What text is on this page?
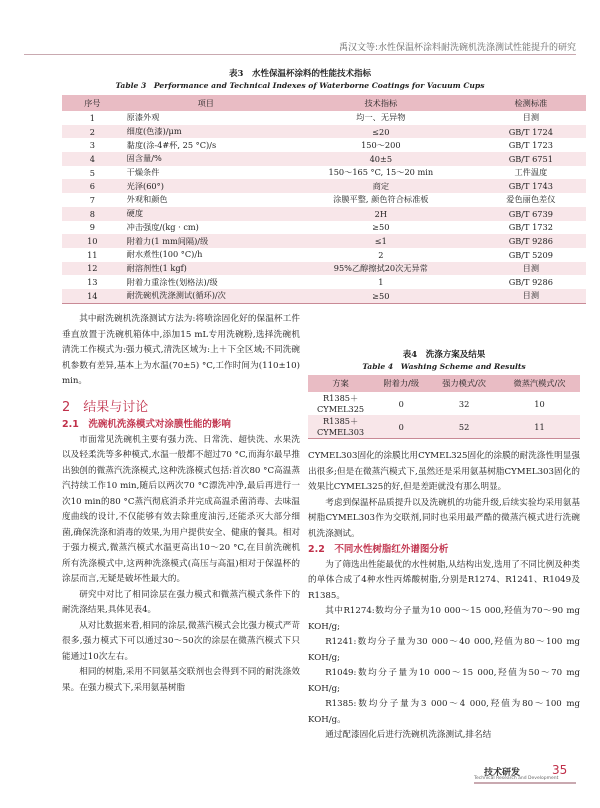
禹汉文等:水性保温杯涂料耐洗碗机洗涤测试性能提升的研究
表3　水性保温杯涂料的性能技术指标
Table 3　Performance and Technical Indexes of Waterborne Coatings for Vacuum Cups
序号	项目	技术指标	检测标准
1	原漆外观	均一、无异物	目测
2	细度(色漆)/μm	≤20	GB/T 1724
3	黏度(涂-4#杯, 25 °C)/s	150～200	GB/T 1723
4	固含量/%	40±5	GB/T 6751
5	干燥条件	150～165 °C, 15～20 min	工件温度
6	光泽(60°)	商定	GB/T 1743
7	外观和颜色	涂膜平整, 颜色符合标准板	爱色丽色差仪
8	硬度	2H	GB/T 6739
9	冲击强度/(kg · cm)	≥50	GB/T 1732
10	附着力(1 mm间隔)/级	≤1	GB/T 9286
11	耐水煮性(100 °C)/h	2	GB/T 5209
12	耐溶剂性(1 kgf)	95%乙醇擦拭20次无异常	目测
13	附着力重涂性(划格法)/级	1	GB/T 9286
14	耐洗碗机洗涤测试(循环)/次	≥50	目测

其中耐洗碗机洗涤测试方法为:将喷涂固化好的保温杯工件垂直放置于洗碗机箱体中,添加15 mL专用洗碗粉,选择洗碗机清洗工作模式为:强力模式,清洗区域为:上＋下全区域;不同洗碗机参数有差异,基本上为水温(70±5) °C,工作时间为(110±10) min。

2　结果与讨论
2.1　洗碗机洗涤模式对涂膜性能的影响

市面常见洗碗机主要有强力洗、日常洗、超快洗、水果洗以及轻柔洗等多种模式,水温一般都不超过70 °C,而海尔最早推出独创的微蒸汽洗涤模式,这种洗涤模式包括:首次80 °C高温蒸汽持续工作10 min,随后以两次70 °C漂洗冲净,最后再进行一次10 min的80 °C蒸汽彻底消杀并完成高温杀菌消毒、去味温度曲线的设计,不仅能够有效去除重度油污,还能杀灭大部分细菌,确保洗涤和消毒的效果,为用户提供安全、健康的餐具。相对于强力模式,微蒸汽模式水温更高出10～20 °C,在目前洗碗机所有洗涤模式中,这两种洗涤模式(高压与高温)相对于保温杯的涂层而言,无疑是破坏性最大的。

研究中对比了相同涂层在强力模式和微蒸汽模式条件下的耐洗涤结果,具体见表4。

从对比数据来看,相同的涂层,微蒸汽模式会比强力模式严苛很多,强力模式下可以通过30～50次的涂层在微蒸汽模式下只能通过10次左右。

相同的树脂,采用不同氨基交联剂也会得到不同的耐洗涤效果。在强力模式下,采用氨基树脂

表4　洗涤方案及结果
Table 4　Washing Scheme and Results
方案	附着力/级	强力模式/次	微蒸汽模式/次
R1385＋
CYMEL325	0	32	10
R1385＋
CYMEL303	0	52	11

CYMEL303固化的涂膜比用CYMEL325固化的涂膜的耐洗涤性明显强出很多;但是在微蒸汽模式下,虽然还是采用氨基树脂CYMEL303固化的效果比CYMEL325的好,但是差距就没有那么明显。

考虑到保温杯品质提升以及洗碗机的功能升级,后续实验均采用氨基树脂CYMEL303作为交联剂,同时也采用最严酷的微蒸汽模式进行洗碗机洗涤测试。

2.2　不同水性树脂红外谱图分析

为了筛选出性能最优的水性树脂,从结构出发,选用了不同比例及种类的单体合成了4种水性丙烯酸树脂,分别是R1274、R1241、R1049及R1385。

其中R1274:数均分子量为10 000～15 000,羟值为70～90 mg KOH/g;

R1241:数均分子量为30 000～40 000,羟值为80～100 mg KOH/g;

R1049:数均分子量为10 000～15 000,羟值为50～70 mg KOH/g;

R1385:数均分子量为3 000～4 000,羟值为80～100 mg KOH/g。

通过配漆固化后进行洗碗机洗涤测试,排名结

技术研发
Technical Research and Development
35
